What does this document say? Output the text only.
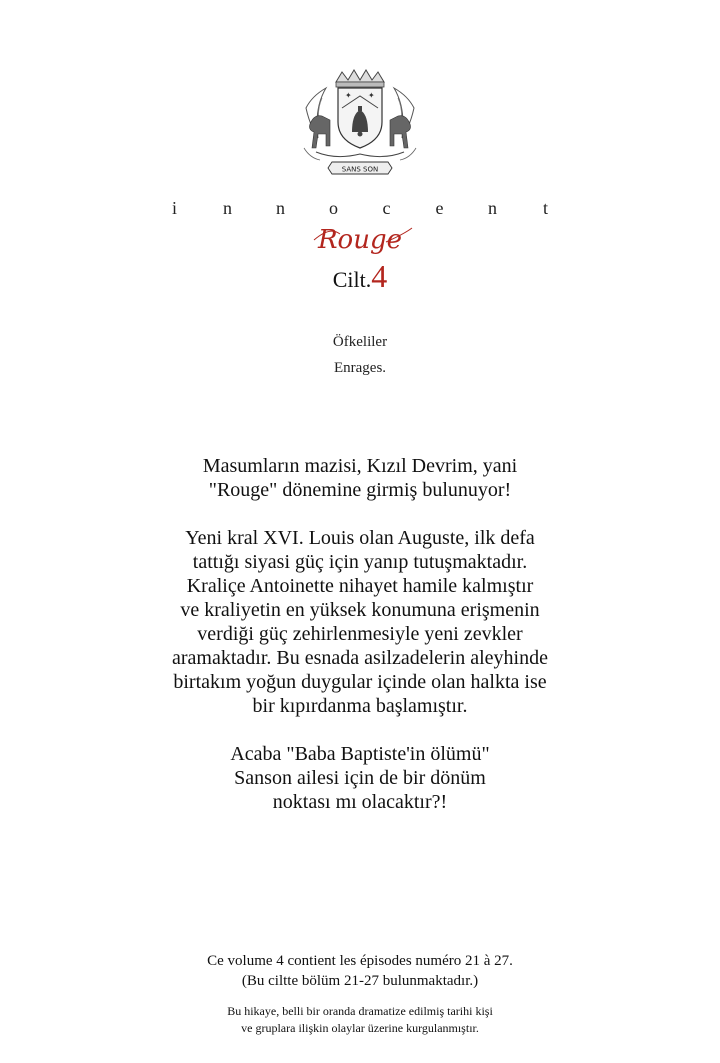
✦ ✦
SANS SON
i	n	n	o	c	e	n	t
Rouge
Cilt.4
Öfkeliler
Enrages.

Masumların mazisi, Kızıl Devrim, yani
"Rouge" dönemine girmiş bulunuyor!

Yeni kral XVI. Louis olan Auguste, ilk defa
tattığı siyasi güç için yanıp tutuşmaktadır.
Kraliçe Antoinette nihayet hamile kalmıştır
ve kraliyetin en yüksek konumuna erişmenin
verdiği güç zehirlenmesiyle yeni zevkler
aramaktadır. Bu esnada asilzadelerin aleyhinde
birtakım yoğun duygular içinde olan halkta ise
bir kıpırdanma başlamıştır.

Acaba "Baba Baptiste'in ölümü"
Sanson ailesi için de bir dönüm
noktası mı olacaktır?!

Ce volume 4 contient les épisodes numéro 21 à 27.
(Bu ciltte bölüm 21-27 bulunmaktadır.)
Bu hikaye, belli bir oranda dramatize edilmiş tarihi kişi
ve gruplara ilişkin olaylar üzerine kurgulanmıştır.
